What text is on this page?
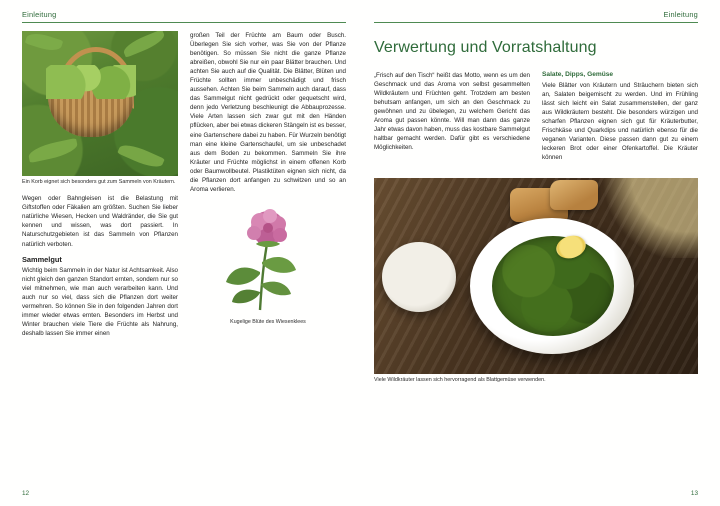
Einleitung

Ein Korb eignet sich besonders gut zum Sammeln von Kräutern.

Wegen oder Bahngleisen ist die Belastung mit Giftstoffen oder Fäkalien am größten. Suchen Sie lieber natürliche Wiesen, Hecken und Waldränder, die Sie gut kennen und wissen, was dort passiert. In Naturschutzgebieten ist das Sammeln von Pflanzen natürlich verboten.

Sammelgut

Wichtig beim Sammeln in der Natur ist Achtsamkeit. Also nicht gleich den ganzen Standort ernten, sondern nur so viel mitnehmen, wie man auch verarbeiten kann. Und auch nur so viel, dass sich die Pflanzen dort weiter vermehren. So können Sie in den folgenden Jahren dort immer wieder etwas ernten. Besonders im Herbst und Winter brauchen viele Tiere die Früchte als Nahrung, deshalb lassen Sie immer einen

großen Teil der Früchte am Baum oder Busch. Überlegen Sie sich vorher, was Sie von der Pflanze benötigen. So müssen Sie nicht die ganze Pflanze abreißen, obwohl Sie nur ein paar Blätter brauchen. Und achten Sie auch auf die Qualität. Die Blätter, Blüten und Früchte sollten immer unbeschädigt und frisch aussehen. Achten Sie beim Sammeln auch darauf, dass das Sammelgut nicht gedrückt oder gequetscht wird, denn jedo Verletzung beschleunigt die Abbauprozesse. Viele Arten lassen sich zwar gut mit den Händen pflücken, aber bei etwas dickeren Stängeln ist es besser, eine Gartenschere dabei zu haben. Für Wurzeln benötigt man eine kleine Gartenschaufel, um sie unbeschadet aus dem Boden zu bekommen. Sammeln Sie ihre Kräuter und Früchte möglichst in einem offenen Korb oder Baumwollbeutel. Plastiktüten eignen sich nicht, da die Pflanzen dort anfangen zu schwitzen und so an Aroma verlieren.

Kugelige Blüte des Wiesenklees
12
Einleitung
Verwertung und Vorratshaltung

„Frisch auf den Tisch“ heißt das Motto, wenn es um den Geschmack und das Aroma von selbst gesammelten Wildkräutern und Früchten geht. Trotzdem am besten behutsam anfangen, um sich an den Geschmack zu gewöhnen und zu übelegen, zu welchem Gericht das Aroma gut passen könnte. Will man dann das ganze Jahr etwas davon haben, muss das kostbare Sammelgut haltbar gemacht werden. Dafür gibt es verschiedene Möglichkeiten.

Salate, Dipps, Gemüse

Viele Blätter von Kräutern und Sträuchern bieten sich an, Salaten beigemischt zu werden. Und im Frühling lässt sich leicht ein Salat zusammenstellen, der ganz aus Wildkräutern besteht. Die besonders würzigen und scharfen Pflanzen eignen sich gut für Kräuterbutter, Frischkäse und Quarkdips und natürlich ebenso für die veganen Varianten. Diese passen dann gut zu einem leckeren Brot oder einer Ofenkartoffel. Die Kräuter können

Viele Wildkräuter lassen sich hervorragend als Blattgemüse verwenden.

13
